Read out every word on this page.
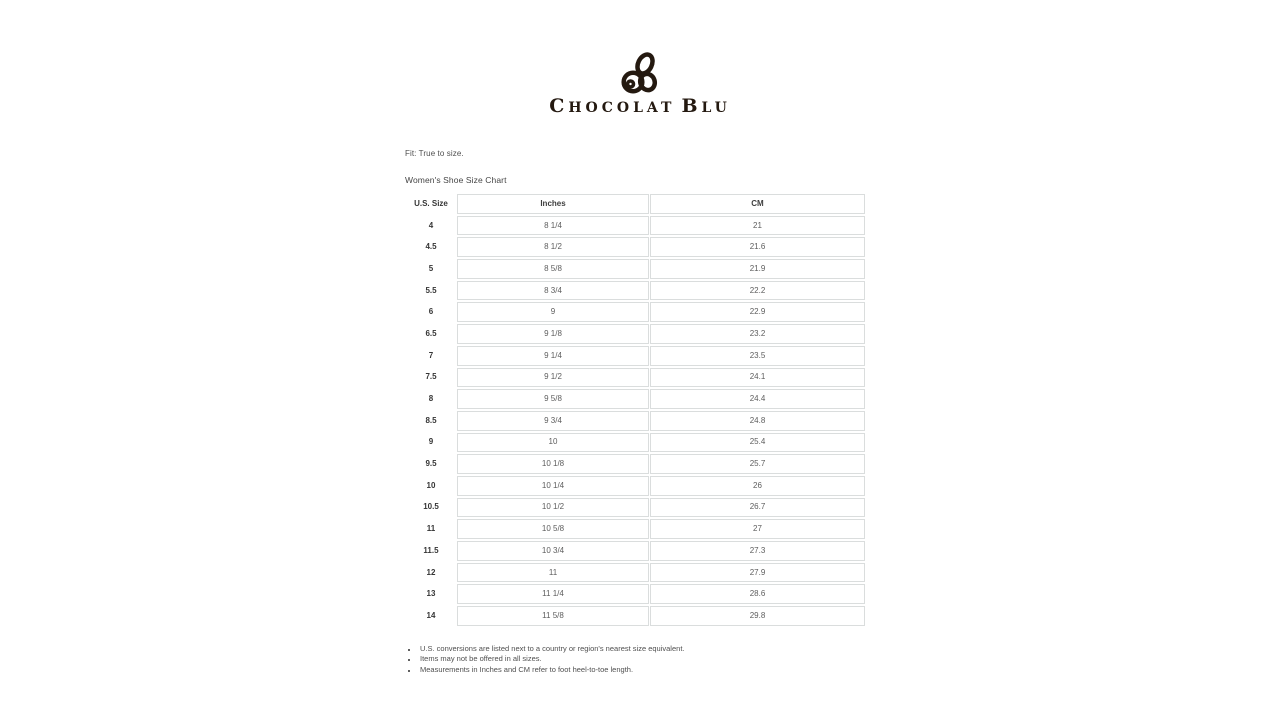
CHOCOLAT BLU
Fit: True to size.
Women's Shoe Size Chart
U.S. Size	Inches	CM
4	8 1/4	21
4.5	8 1/2	21.6
5	8 5/8	21.9
5.5	8 3/4	22.2
6	9	22.9
6.5	9 1/8	23.2
7	9 1/4	23.5
7.5	9 1/2	24.1
8	9 5/8	24.4
8.5	9 3/4	24.8
9	10	25.4
9.5	10 1/8	25.7
10	10 1/4	26
10.5	10 1/2	26.7
11	10 5/8	27
11.5	10 3/4	27.3
12	11	27.9
13	11 1/4	28.6
14	11 5/8	29.8
• U.S. conversions are listed next to a country or region's nearest size equivalent.
• Items may not be offered in all sizes.
• Measurements in Inches and CM refer to foot heel-to-toe length.
